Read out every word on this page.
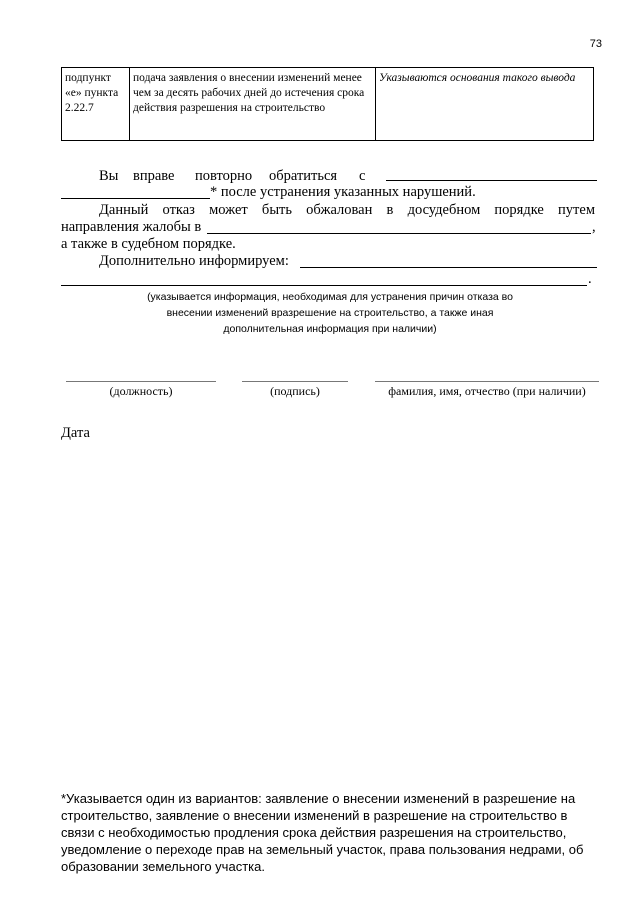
73
подпункт «е» пункта 2.22.7	подача заявления о внесении изменений менее чем за десять рабочих дней до истечения срока действия разрешения на строительство	Указываются основания такого вывода
Вы вправе повторно обратиться с
* после устранения указанных нарушений.
Данный отказ может быть обжалован в досудебном порядке путем
направления жалобы в	,
а также в судебном порядке.
Дополнительно информируем:
.
(указывается информация, необходимая для устранения причин отказа во внесении изменений вразрешение на строительство, а также иная дополнительная информация при наличии)
(должность)	(подпись)	фамилия, имя, отчество (при наличии)
Дата
*Указывается один из вариантов: заявление о внесении изменений в разрешение на строительство, заявление о внесении изменений в разрешение на строительство в связи с необходимостью продления срока действия разрешения на строительство, уведомление о переходе прав на земельный участок, права пользования недрами, об образовании земельного участка.
